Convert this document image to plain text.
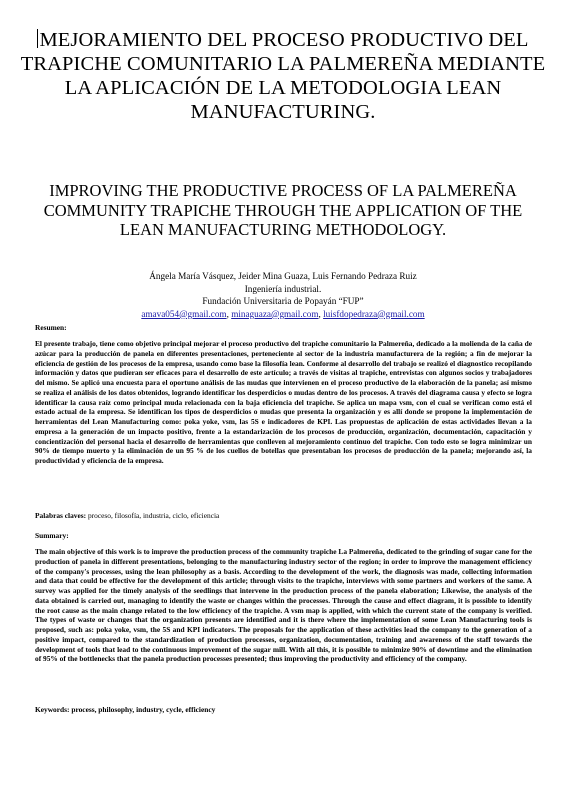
MEJORAMIENTO DEL PROCESO PRODUCTIVO DEL TRAPICHE COMUNITARIO LA PALMEREÑA MEDIANTE LA APLICACIÓN DE LA METODOLOGIA LEAN MANUFACTURING.
IMPROVING THE PRODUCTIVE PROCESS OF LA PALMEREÑA COMMUNITY TRAPICHE THROUGH THE APPLICATION OF THE LEAN MANUFACTURING METHODOLOGY.
Ángela María Vásquez, Jeider Mina Guaza, Luis Fernando Pedraza Ruiz
Ingeniería industrial.
Fundación Universitaria de Popayán “FUP”
amava054@gmail.com, minaguaza@gmail.com, luisfdopedraza@gmail.com
Resumen:
El presente trabajo, tiene como objetivo principal mejorar el proceso productivo del trapiche comunitario la Palmereña, dedicado a la molienda de la caña de azúcar para la producción de panela en diferentes presentaciones, perteneciente al sector de la industria manufacturera de la región; a fin de mejorar la eficiencia de gestión de los procesos de la empresa, usando como base la filosofía lean. Conforme al desarrollo del trabajo se realizó el diagnostico recopilando información y datos que pudieran ser eficaces para el desarrollo de este artículo; a través de visitas al trapiche, entrevistas con algunos socios y trabajadores del mismo. Se aplicó una encuesta para el oportuno análisis de las mudas que intervienen en el proceso productivo de la elaboración de la panela; así mismo se realiza el análisis de los datos obtenidos, logrando identificar los desperdicios o mudas dentro de los procesos. A través del diagrama causa y efecto se logra identificar la causa raíz como principal muda relacionada con la baja eficiencia del trapiche. Se aplica un mapa vsm, con el cual se verifican como está el estado actual de la empresa. Se identifican los tipos de desperdicios o mudas que presenta la organización y es allí donde se propone la implementación de herramientas del Lean Manufacturing como: poka yoke, vsm, las 5S e indicadores de KPI. Las propuestas de aplicación de estas actividades llevan a la empresa a la generación de un impacto positivo, frente a la estandarización de los procesos de producción, organización, documentación, capacitación y concientización del personal hacia el desarrollo de herramientas que conlleven al mejoramiento continuo del trapiche. Con todo esto se logra minimizar un 90% de tiempo muerto y la eliminación de un 95 % de los cuellos de botellas que presentaban los procesos de producción de la panela; mejorando así, la productividad y eficiencia de la empresa.
Palabras claves: proceso, filosofía, industria, ciclo, eficiencia
Summary:
The main objective of this work is to improve the production process of the community trapiche La Palmereña, dedicated to the grinding of sugar cane for the production of panela in different presentations, belonging to the manufacturing industry sector of the region; in order to improve the management efficiency of the company's processes, using the lean philosophy as a basis. According to the development of the work, the diagnosis was made, collecting information and data that could be effective for the development of this article; through visits to the trapiche, interviews with some partners and workers of the same. A survey was applied for the timely analysis of the seedlings that intervene in the production process of the panela elaboration; Likewise, the analysis of the data obtained is carried out, managing to identify the waste or changes within the processes. Through the cause and effect diagram, it is possible to identify the root cause as the main change related to the low efficiency of the trapiche. A vsm map is applied, with which the current state of the company is verified. The types of waste or changes that the organization presents are identified and it is there where the implementation of some Lean Manufacturing tools is proposed, such as: poka yoke, vsm, the 5S and KPI indicators. The proposals for the application of these activities lead the company to the generation of a positive impact, compared to the standardization of production processes, organization, documentation, training and awareness of the staff towards the development of tools that lead to the continuous improvement of the sugar mill. With all this, it is possible to minimize 90% of downtime and the elimination of 95% of the bottlenecks that the panela production processes presented; thus improving the productivity and efficiency of the company.
Keywords: process, philosophy, industry, cycle, efficiency
